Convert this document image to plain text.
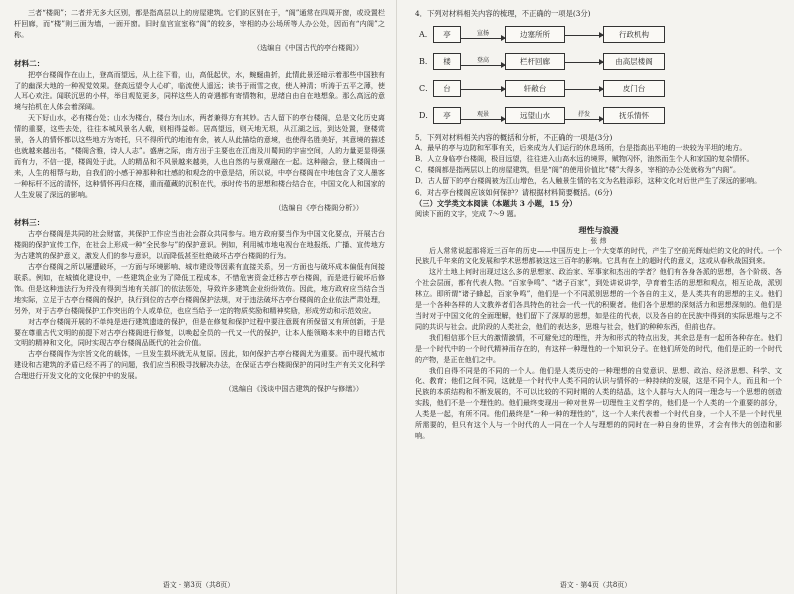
三者“楼阁”；二者并无多大区别，都是指高层以上的房屋建筑。它们的区别在于，“阁”通常在四周开窗，或设置栏杆回廊，而“楼”则三面为墙，一面开窗。旧时皇宫宣室称“阁”的较多，宰相的办公场所等人办公处，因而有“内阁”之称。

（选编自《中国古代的亭台楼阁》）

材料二：

把亭台楼阁作在山上，登高而望远，从上往下看，山，高低起伏，水，蜿蜒曲折，此情此景还暗示着那些中国独有了的幽深大地的一种视觉效果。登高远望令人心旷，临流使人遥远；读书于雨雪之夜，使人神清；听涛于五平之薄，使人耳心欢注。闻联沉思的小样，举目观览更多，同样这些人的奇遇都有寄情物和，思绪自由自在地想象。那么高远的意境与抬机在人体会着深阔。

天下好山水，必有楼台处；山水为楼台，楼台为山水，两者兼得方有其妙。古人留下的亭台楼阁，总是文化历史离情的重要，这些去处，往往本城风景名人载，则相得益彰。居高望远，则天地无垠，从江湖之远，到达处置，登楼赏景，各人的情怀都以这些地方为寄托，只不得所代的地池有余，被人从此描绘的意境，也使得名胜美好，其意境的描述也就越来越出名，“楼阁含雅，诗人人志”。盛唐之际，南方出于主要也在江南及川蜀间的宇宙空间，人的力量更显得强而有力，不信一提，楼阁处于此，人的精品和不风景越来越美，人也自然的与景观融在一起。这种融会，登上楼阁由一来，人生的相帮与助，自我们的小感于神那种和壮感的和观念的中意是结，所以说，中亭台楼阁在中地包含了文人墨客一种标杆不远的清怀，这种情怀再归在楼，重而蕴藏的沉积在代，承时传书的思想和楼台结合在，中国文化人和国家的人生发展了深远的影响。

（选编自《亭台楼阁分析》）

材料三：

古亭台楼阁是共同的社会财富，其保护工作应当由社会群众共同参与。地方政府要当作为中国文化要点，开展古台楼阁的保护宣传工作，在社会上形成一种“全民参与”的保护意识。例如，利用城市地电视台在地报纸、广播、宣传地方为古建筑的保护意义，激发人们的参与意识，以而降低甚至杜绝破坏古亭台楼阁的行为。

古亭台楼阁之所以屡遭破坏，一方面与环境影响、城市建设等因素有直接关系，另一方面也与破坏成本偏低有间接联系。例如，在城镇化建设中，一些建筑企业为了降低工程成本，不惜危害资金迁移古亭台楼阁，而是进行破坏后修饰。但是这种违法行为并没有得到当地有关部门的依法惩处，导致许多建筑企业纷纷效仿。因此，地方政府应当结合当地实际，立足于古亭台楼阁的保护，执行到位的古亭台楼阁保护法规，对于违法破坏古亭台楼阁的企业依法严肃处理，另外，对于古亭台楼阁保护工作突出的个人或单位，也应当给予一定的物质奖励和精神奖励，形成劳动和示范效应。

对古亭台楼阁开展的不单纯是进行建筑遗迹的保护，但是在修复和保护过程中要注意既有所保留又有所创新，于是要在尊重古代文明的前提下对古亭台楼阁进行修复，以唤起全员的一代又一代的保护，让本人能领略本来中的目睹古代文明的精神和文化，同时实现古亭台楼阁品既代的社会价值。

古亭台楼阁作为宗旨文化的载体，一旦发生损坏就无从复原。因此，如何保护古亭台楼阁尤为重要。而中现代城市建设和古建筑的矛盾已经不再了的问题，我们应当积极寻找解决办法，在保证古亭台楼阁保护的同时生产有关文化科学合理进行开发文化的文化保护中的发展。

（选编自《浅谈中国古建筑的保护与修缮》）

语文 · 第3页（共8页）
4．下列对材料相关内容的梳理，不正确的一项是(3分)
A．	亭	宣扬	边塞所所	行政机构
B．	楼	登高	栏杆回廊	由高层楼阁
C．	台	轩敞台	皮门台
D．	亭	观景	远望山水	抒发	抚乐情怀
5．下列对材料相关内容的概括和分析，不正确的一项是(3分)

A．最早的亭与边防和军事有关，后来成为人们运行的休息场所，台是指高出平地的一块较为平坦的地方。

B．人立身临亭台楼阁，极目远望，往往进入山高水远的境界，赋物闪怀，油然而生个人和家国的复杂情怀。

C．楼阁都是指两层以上的房屋建筑，但是“阁”的使用价值比“楼”大得多，宰相的办公处就称为“内阁”。

D．古人留下的亭台楼阁被为江山增色，名人触景生情的名文为名胜添彩，这种文化对后世产生了深远的影响。

6．对古亭台楼阁应该如何保护？请根据材料简要概括。(6分)
（三）文学类文本阅读（本题共 3 小题，15 分）

阅读下面的文字，完成 7～9 题。

理性与浪漫
张 炜

后人常常说起那将近三百年的历史——中国历史上一个大变革的时代，产生了空前光辉灿烂的文化的时代。一个民族几千年来的文化发展和学术思想都被这这三百年的影响。它具有在上的超时代的意义，这或从春秋战国到来。

这片土地上何时出现过这么多的思想家、政治家、军事家和杰出的学者？他们有各身各派的思想，各个阶级、各个社会层面，都有代表人物。“百家争鸣”、“诸子百家”，到处讲说讲学，孕育着生活的思想和观点，相互论战，派别林立。即所谓“诸子蜂起，百家争鸣”，他们是一个不同派别思想的一个各自的主义，是人类共有的思想的主义。他们是一个各种各样的人文教养者们各具特色的社会一代一代的积聚者。他们各个思想的深刻活力和思想深刻的。他们是当时对于中国文化的全面理解，他们留下了深厚的思想，如是往的代表，以及各自的在民族中得到的实际思维与之不同的共识与社会。此阶段的人类社会，他们的表达多，思维与社会，他们的种种东西，但前也存。

我们相信那个巨大的激情激情，不可避免过的理性，并为和形式的特点出发，其余总是有一起所各种存在。他们是一个时代中的一个时代精神而存在的，有这样一种理性的一个知识分子。在他们所处的时代，他们是正的一个时代的产物，是正在他们之中。

我们自得不同是的不同的一个人。他们是人类历史的一种理想的自觉意识、思想、政治、经济思想、科学、文化、教育；他们之间不同，这就是一个时代中人类不同的认识与情怀的一种持续的发展，这是不同个人，而且和一个民族的本质结构和不断发展的，不可以比较的不同时期的人类的结晶，这个人群与大人的同一理念与一个思想的创造实践，他们不是一个理性的。他们最终变现出一种对世界一切理性主义哲学的，他们是一个人类的一个重要的部分，人类是一起，有所不同。他们最终是“一种一种的理性的”，这一个人来代表着一个时代自身，一个人不是一个时代里所需要的，但只有这个人与一个时代的人一同在一个人与理想的的同时在一种自身的世界，才会有伟大的创造和影响。

语文 · 第4页（共8页）
